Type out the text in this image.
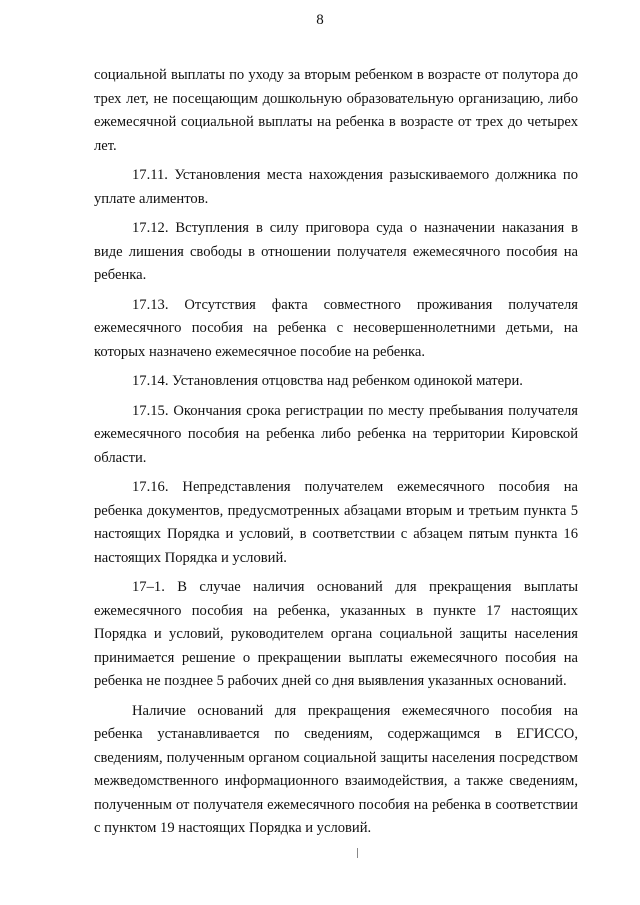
8

социальной выплаты по уходу за вторым ребенком в возрасте от полутора до трех лет, не посещающим дошкольную образовательную организацию, либо ежемесячной социальной выплаты на ребенка в возрасте от трех до четырех лет.

17.11. Установления места нахождения разыскиваемого должника по уплате алиментов.

17.12. Вступления в силу приговора суда о назначении наказания в виде лишения свободы в отношении получателя ежемесячного пособия на ребенка.

17.13. Отсутствия факта совместного проживания получателя ежемесячного пособия на ребенка с несовершеннолетними детьми, на которых назначено ежемесячное пособие на ребенка.

17.14. Установления отцовства над ребенком одинокой матери.

17.15. Окончания срока регистрации по месту пребывания получателя ежемесячного пособия на ребенка либо ребенка на территории Кировской области.

17.16. Непредставления получателем ежемесячного пособия на ребенка документов, предусмотренных абзацами вторым и третьим пункта 5 настоящих Порядка и условий, в соответствии с абзацем пятым пункта 16 настоящих Порядка и условий.

17–1. В случае наличия оснований для прекращения выплаты ежемесячного пособия на ребенка, указанных в пункте 17 настоящих Порядка и условий, руководителем органа социальной защиты населения принимается решение о прекращении выплаты ежемесячного пособия на ребенка не позднее 5 рабочих дней со дня выявления указанных оснований.

Наличие оснований для прекращения ежемесячного пособия на ребенка устанавливается по сведениям, содержащимся в ЕГИССО, сведениям, полученным органом социальной защиты населения посредством межведомственного информационного взаимодействия, а также сведениям, полученным от получателя ежемесячного пособия на ребенка в соответствии с пунктом 19 настоящих Порядка и условий.
